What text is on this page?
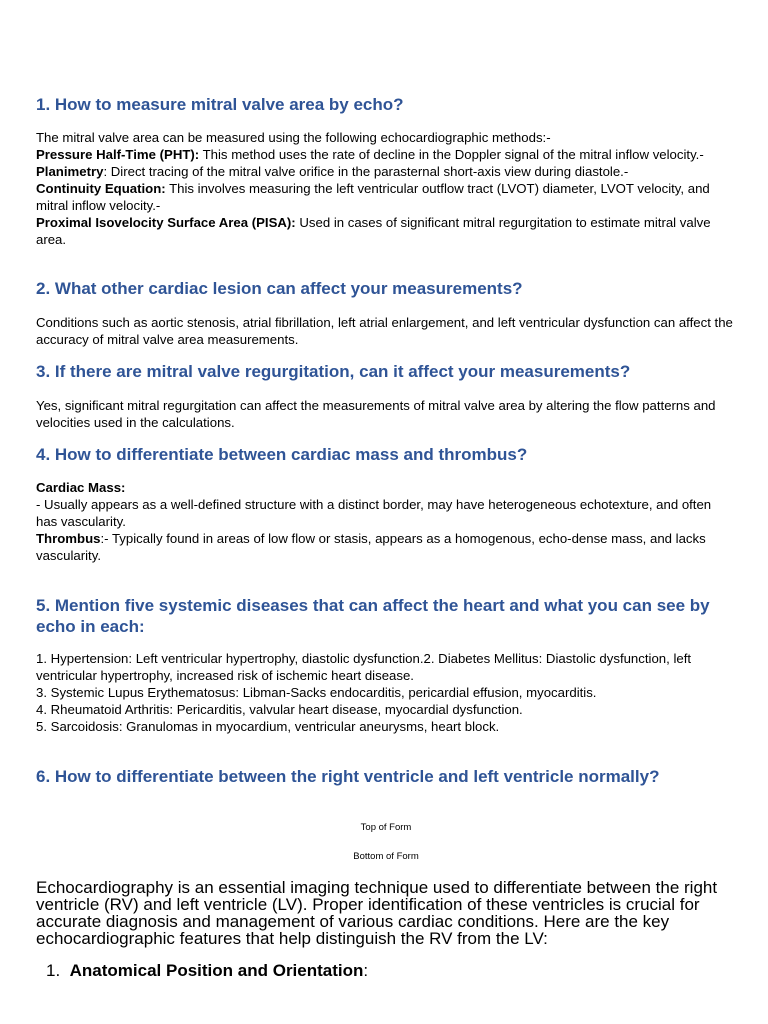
1. How to measure mitral valve area by echo?

The mitral valve area can be measured using the following echocardiographic methods:-

Pressure Half-Time (PHT): This method uses the rate of decline in the Doppler signal of the mitral inflow velocity.-

Planimetry: Direct tracing of the mitral valve orifice in the parasternal short-axis view during diastole.-

Continuity Equation: This involves measuring the left ventricular outflow tract (LVOT) diameter, LVOT velocity, and mitral inflow velocity.-

Proximal Isovelocity Surface Area (PISA): Used in cases of significant mitral regurgitation to estimate mitral valve area.

2. What other cardiac lesion can affect your measurements?

Conditions such as aortic stenosis, atrial fibrillation, left atrial enlargement, and left ventricular dysfunction can affect the accuracy of mitral valve area measurements.

3. If there are mitral valve regurgitation, can it affect your measurements?

Yes, significant mitral regurgitation can affect the measurements of mitral valve area by altering the flow patterns and velocities used in the calculations.

4. How to differentiate between cardiac mass and thrombus?

Cardiac Mass:

- Usually appears as a well-defined structure with a distinct border, may have heterogeneous echotexture, and often has vascularity.

Thrombus:- Typically found in areas of low flow or stasis, appears as a homogenous, echo-dense mass, and lacks vascularity.

5. Mention five systemic diseases that can affect the heart and what you can see by echo in each:

1. Hypertension: Left ventricular hypertrophy, diastolic dysfunction.2. Diabetes Mellitus: Diastolic dysfunction, left ventricular hypertrophy, increased risk of ischemic heart disease.

3. Systemic Lupus Erythematosus: Libman-Sacks endocarditis, pericardial effusion, myocarditis.

4. Rheumatoid Arthritis: Pericarditis, valvular heart disease, myocardial dysfunction.

5. Sarcoidosis: Granulomas in myocardium, ventricular aneurysms, heart block.

6. How to differentiate between the right ventricle and left ventricle normally?
Top of Form
Bottom of Form

Echocardiography is an essential imaging technique used to differentiate between the right ventricle (RV) and left ventricle (LV). Proper identification of these ventricles is crucial for accurate diagnosis and management of various cardiac conditions. Here are the key echocardiographic features that help distinguish the RV from the LV:

1. Anatomical Position and Orientation:
